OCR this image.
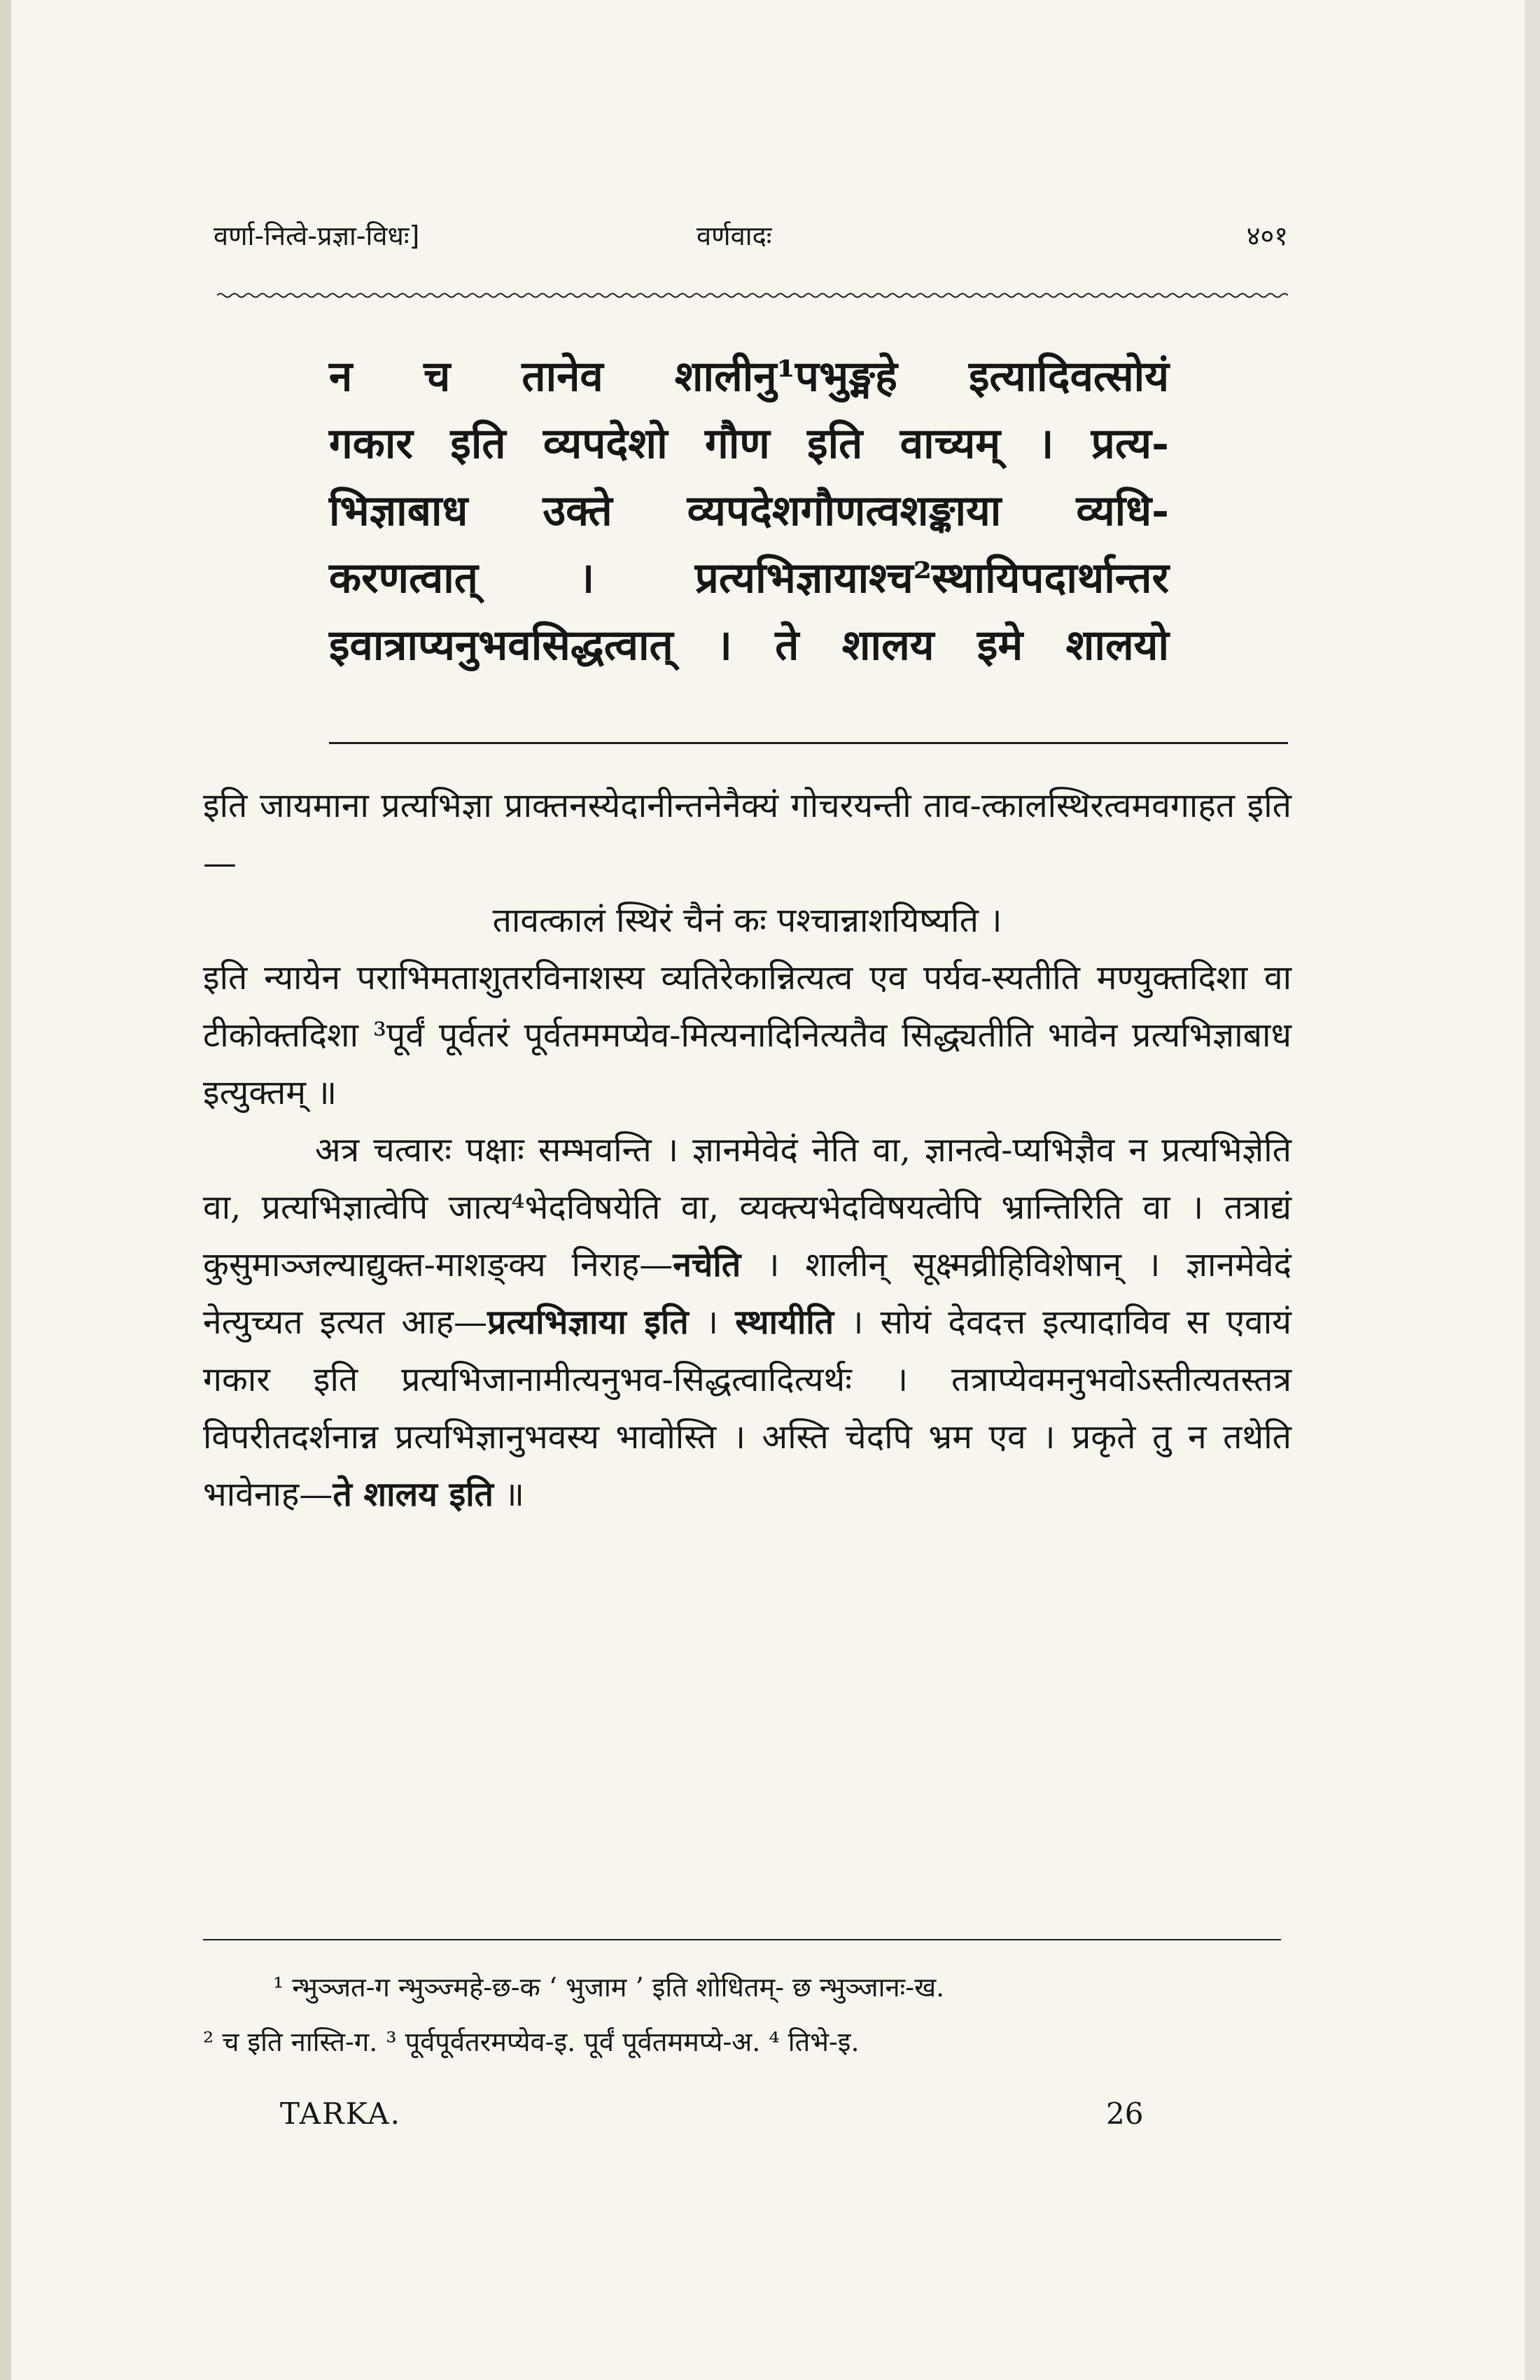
वर्णा-नित्वे-प्रज्ञा-विधः]	वर्णवादः	४०१
न च तानेव शालीनु¹पभुङ्महे इत्यादिवत्सोयं
गकार इति व्यपदेशो गौण इति वाच्यम् । प्रत्य-
भिज्ञाबाध उक्ते व्यपदेशगौणत्वशङ्काया व्यधि-
करणत्वात् । प्रत्यभिज्ञायाश्च²स्थायिपदार्थान्तर
इवात्राप्यनुभवसिद्धत्वात् । ते शालय इमे शालयो

इति जायमाना प्रत्यभिज्ञा प्राक्तनस्येदानीन्तनेनैक्यं गोचरयन्ती ताव-त्कालस्थिरत्वमवगाहत इति—

तावत्कालं स्थिरं चैनं कः पश्चान्नाशयिष्यति ।

इति न्यायेन पराभिमताशुतरविनाशस्य व्यतिरेकान्नित्यत्व एव पर्यव-स्यतीति मण्युक्तदिशा वा टीकोक्तदिशा ³पूर्वं पूर्वतरं पूर्वतममप्येव-मित्यनादिनित्यतैव सिद्ध्यतीति भावेन प्रत्यभिज्ञाबाध इत्युक्तम् ॥

अत्र चत्वारः पक्षाः सम्भवन्ति । ज्ञानमेवेदं नेति वा, ज्ञानत्वे-प्यभिज्ञैव न प्रत्यभिज्ञेति वा, प्रत्यभिज्ञात्वेपि जात्य⁴भेदविषयेति वा, व्यक्त्यभेदविषयत्वेपि भ्रान्तिरिति वा । तत्राद्यं कुसुमाञ्जल्याद्युक्त-माशङ्क्य निराह—नचेति । शालीन् सूक्ष्मव्रीहिविशेषान् । ज्ञानमेवेदं नेत्युच्यत इत्यत आह—प्रत्यभिज्ञाया इति । स्थायीति । सोयं देवदत्त इत्यादाविव स एवायं गकार इति प्रत्यभिजानामीत्यनुभव-सिद्धत्वादित्यर्थः । तत्राप्येवमनुभवोऽस्तीत्यतस्तत्र विपरीतदर्शनान्न प्रत्यभिज्ञानुभवस्य भावोस्ति । अस्ति चेदपि भ्रम एव । प्रकृते तु न तथेति भावेनाह—ते शालय इति ॥

¹ न्भुञ्जत-ग न्भुञ्ज्महे-छ-क ‘ भुजाम ’ इति शोधितम्- छ न्भुञ्जानः-ख.

² च इति नास्ति-ग. ³ पूर्वपूर्वतरमप्येव-इ. पूर्वं पूर्वतममप्ये-अ. ⁴ तिभे-इ.

TARKA.	26
